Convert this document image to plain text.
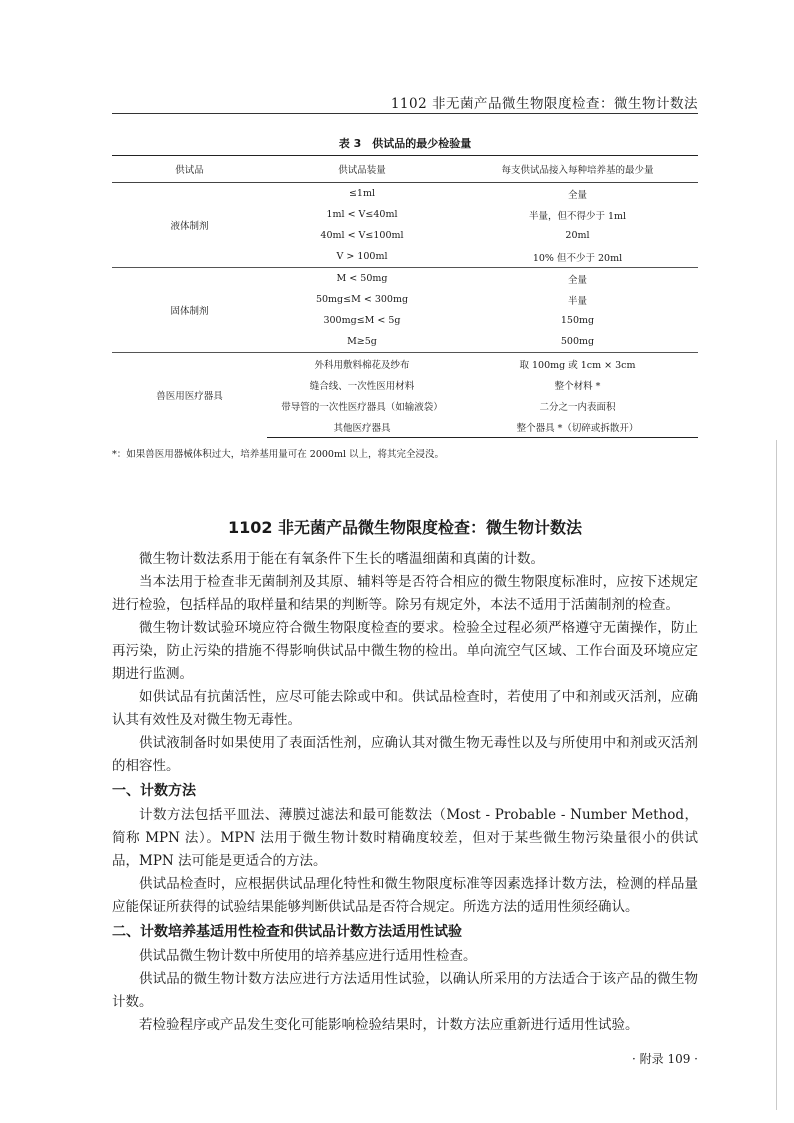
1102 非无菌产品微生物限度检查：微生物计数法
表 3　供试品的最少检验量
供试品	供试品装量	每支供试品接入每种培养基的最少量
液体制剂	≤1ml	全量
	1ml < V≤40ml	半量，但不得少于 1ml
	40ml < V≤100ml	20ml
	V > 100ml	10% 但不少于 20ml
固体制剂	M < 50mg	全量
	50mg≤M < 300mg	半量
	300mg≤M < 5g	150mg
	M≥5g	500mg
兽医用医疗器具	外科用敷料棉花及纱布	取 100mg 或 1cm × 3cm
	缝合线、一次性医用材料	整个材料 *
	带导管的一次性医疗器具（如输液袋）	二分之一内表面积
	其他医疗器具	整个器具 *（切碎或拆散开）
*：如果兽医用器械体积过大，培养基用量可在 2000ml 以上，将其完全浸没。
1102 非无菌产品微生物限度检查：微生物计数法

微生物计数法系用于能在有氧条件下生长的嗜温细菌和真菌的计数。

当本法用于检查非无菌制剂及其原、辅料等是否符合相应的微生物限度标准时，应按下述规定进行检验，包括样品的取样量和结果的判断等。除另有规定外，本法不适用于活菌制剂的检查。

微生物计数试验环境应符合微生物限度检查的要求。检验全过程必须严格遵守无菌操作，防止再污染，防止污染的措施不得影响供试品中微生物的检出。单向流空气区域、工作台面及环境应定期进行监测。

如供试品有抗菌活性，应尽可能去除或中和。供试品检查时，若使用了中和剂或灭活剂，应确认其有效性及对微生物无毒性。

供试液制备时如果使用了表面活性剂，应确认其对微生物无毒性以及与所使用中和剂或灭活剂的相容性。

一、计数方法

计数方法包括平皿法、薄膜过滤法和最可能数法（Most - Probable - Number Method，简称 MPN 法）。MPN 法用于微生物计数时精确度较差，但对于某些微生物污染量很小的供试品，MPN 法可能是更适合的方法。

供试品检查时，应根据供试品理化特性和微生物限度标准等因素选择计数方法，检测的样品量应能保证所获得的试验结果能够判断供试品是否符合规定。所选方法的适用性须经确认。

二、计数培养基适用性检查和供试品计数方法适用性试验

供试品微生物计数中所使用的培养基应进行适用性检查。

供试品的微生物计数方法应进行方法适用性试验，以确认所采用的方法适合于该产品的微生物计数。

若检验程序或产品发生变化可能影响检验结果时，计数方法应重新进行适用性试验。

· 附录 109 ·
